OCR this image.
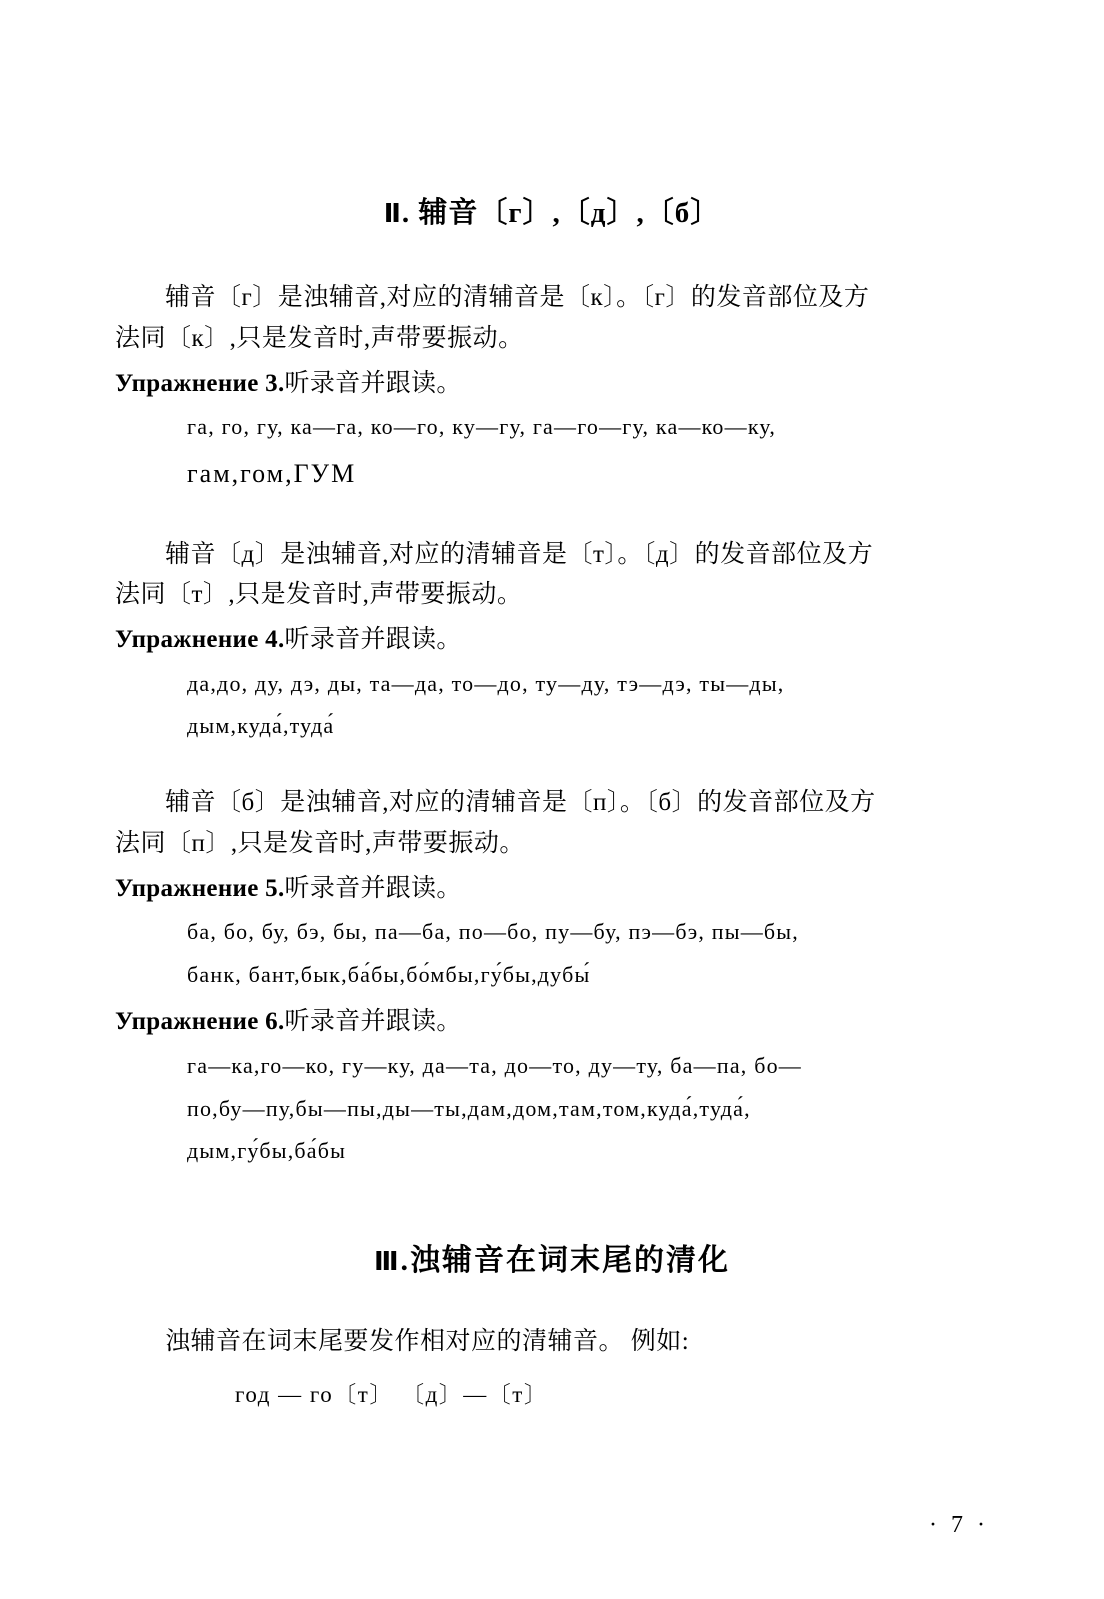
Ⅱ. 辅音〔г〕,〔д〕,〔б〕

辅音〔г〕是浊辅音,对应的清辅音是〔к〕。〔г〕的发音部位及方

法同〔к〕,只是发音时,声带要振动。

Упражнение 3.听录音并跟读。

га, го, гу, ка—га, ко—го, ку—гу, га—го—гу, ка—ко—ку,
гам,гом,ГУМ

辅音〔д〕是浊辅音,对应的清辅音是〔т〕。〔д〕的发音部位及方

法同〔т〕,只是发音时,声带要振动。

Упражнение 4.听录音并跟读。

да,до, ду, дэ, ды, та—да, то—до, ту—ду, тэ—дэ, ты—ды,
дым,куда́,туда́

辅音〔б〕是浊辅音,对应的清辅音是〔п〕。〔б〕的发音部位及方

法同〔п〕,只是发音时,声带要振动。

Упражнение 5.听录音并跟读。

ба, бо, бу, бэ, бы, па—ба, по—бо, пу—бу, пэ—бэ, пы—бы,
банк, бант,бык,ба́бы,бо́мбы,гу́бы,дубы́

Упражнение 6.听录音并跟读。

га—ка,го—ко, гу—ку, да—та, до—то, ду—ту, ба—па, бо—
по,бу—пу,бы—пы,ды—ты,дам,дом,там,том,куда́,туда́,
дым,гу́бы,ба́бы
Ⅲ.浊辅音在词末尾的清化

浊辅音在词末尾要发作相对应的清辅音。 例如:

год — го〔т〕 〔д〕—〔т〕
· 7 ·
